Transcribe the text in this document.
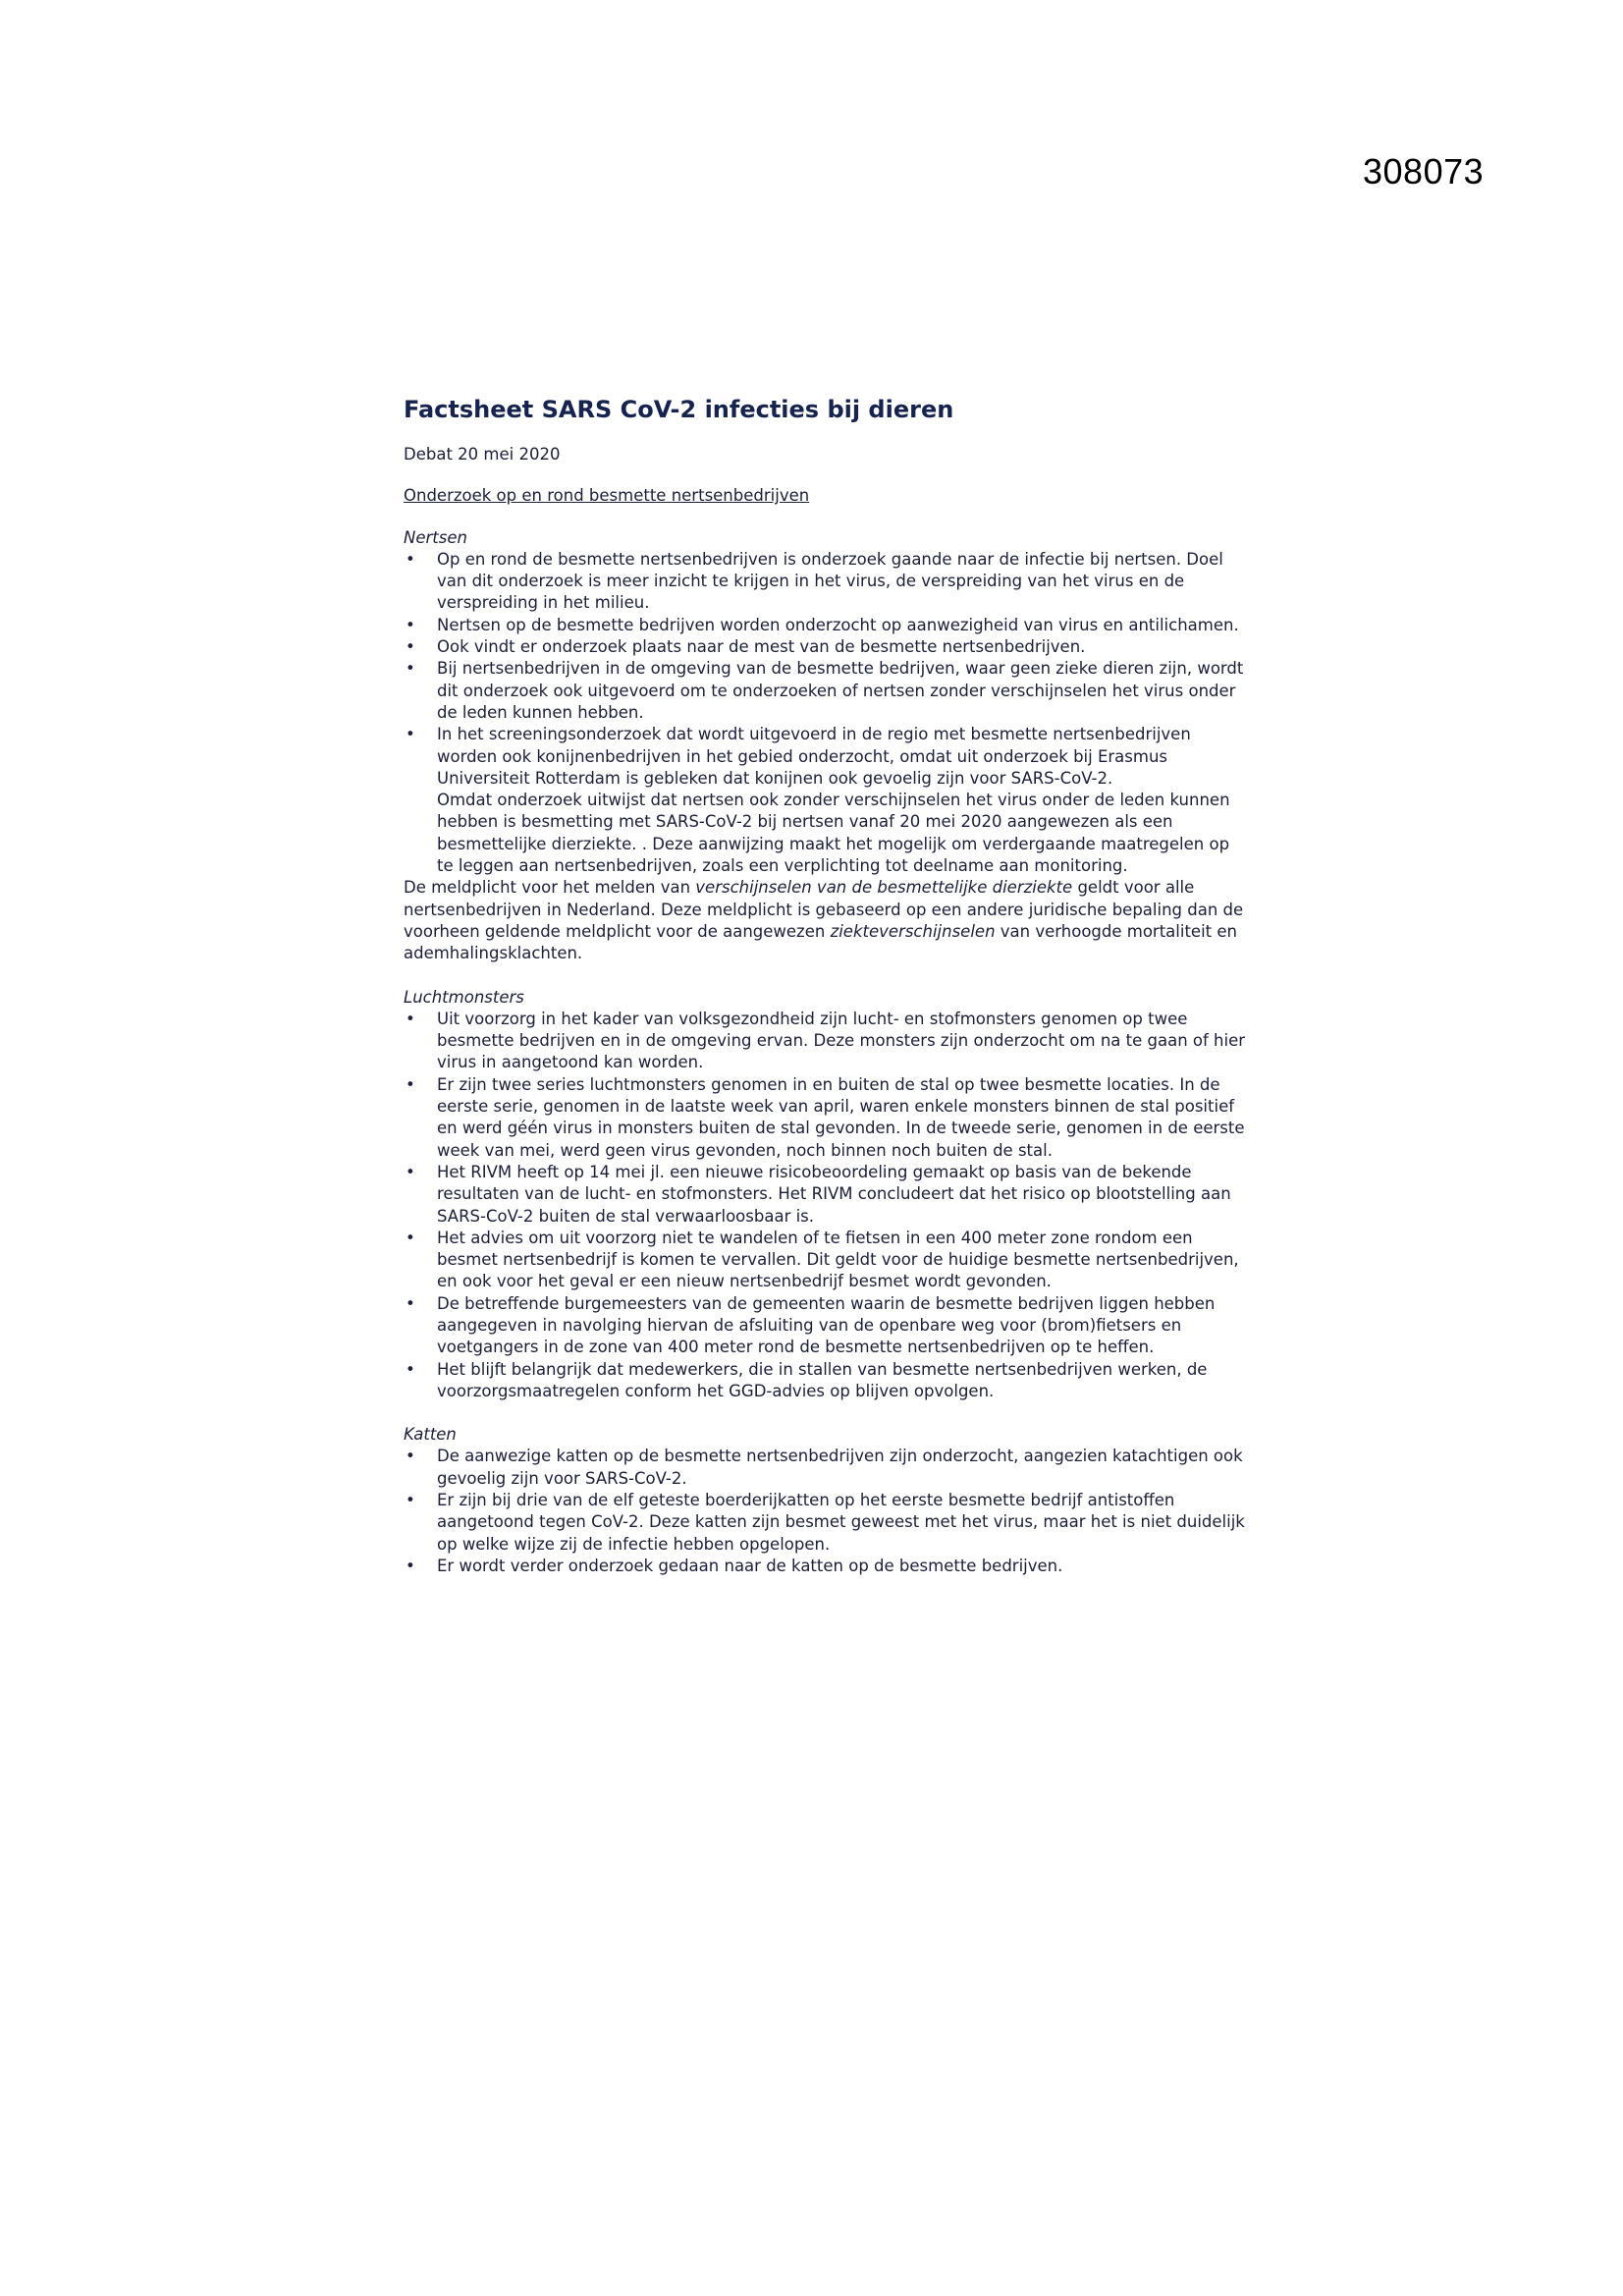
308073
Factsheet SARS CoV-2 infecties bij dieren

Debat 20 mei 2020

Onderzoek op en rond besmette nertsenbedrijven

Nertsen

• Op en rond de besmette nertsenbedrijven is onderzoek gaande naar de infectie bij nertsen. Doel van dit onderzoek is meer inzicht te krijgen in het virus, de verspreiding van het virus en de verspreiding in het milieu.
• Nertsen op de besmette bedrijven worden onderzocht op aanwezigheid van virus en antilichamen.
• Ook vindt er onderzoek plaats naar de mest van de besmette nertsenbedrijven.
• Bij nertsenbedrijven in de omgeving van de besmette bedrijven, waar geen zieke dieren zijn, wordt dit onderzoek ook uitgevoerd om te onderzoeken of nertsen zonder verschijnselen het virus onder de leden kunnen hebben.
• In het screeningsonderzoek dat wordt uitgevoerd in de regio met besmette nertsenbedrijven worden ook konijnenbedrijven in het gebied onderzocht, omdat uit onderzoek bij Erasmus Universiteit Rotterdam is gebleken dat konijnen ook gevoelig zijn voor SARS-CoV-2.
Omdat onderzoek uitwijst dat nertsen ook zonder verschijnselen het virus onder de leden kunnen hebben is besmetting met SARS-CoV-2 bij nertsen vanaf 20 mei 2020 aangewezen als een besmettelijke dierziekte. . Deze aanwijzing maakt het mogelijk om verdergaande maatregelen op te leggen aan nertsenbedrijven, zoals een verplichting tot deelname aan monitoring.

De meldplicht voor het melden van verschijnselen van de besmettelijke dierziekte geldt voor alle nertsenbedrijven in Nederland. Deze meldplicht is gebaseerd op een andere juridische bepaling dan de voorheen geldende meldplicht voor de aangewezen ziekteverschijnselen van verhoogde mortaliteit en ademhalingsklachten.

Luchtmonsters

• Uit voorzorg in het kader van volksgezondheid zijn lucht- en stofmonsters genomen op twee besmette bedrijven en in de omgeving ervan. Deze monsters zijn onderzocht om na te gaan of hier virus in aangetoond kan worden.
• Er zijn twee series luchtmonsters genomen in en buiten de stal op twee besmette locaties. In de eerste serie, genomen in de laatste week van april, waren enkele monsters binnen de stal positief en werd géén virus in monsters buiten de stal gevonden. In de tweede serie, genomen in de eerste week van mei, werd geen virus gevonden, noch binnen noch buiten de stal.
• Het RIVM heeft op 14 mei jl. een nieuwe risicobeoordeling gemaakt op basis van de bekende resultaten van de lucht- en stofmonsters. Het RIVM concludeert dat het risico op blootstelling aan SARS-CoV-2 buiten de stal verwaarloosbaar is.
• Het advies om uit voorzorg niet te wandelen of te fietsen in een 400 meter zone rondom een besmet nertsenbedrijf is komen te vervallen. Dit geldt voor de huidige besmette nertsenbedrijven, en ook voor het geval er een nieuw nertsenbedrijf besmet wordt gevonden.
• De betreffende burgemeesters van de gemeenten waarin de besmette bedrijven liggen hebben aangegeven in navolging hiervan de afsluiting van de openbare weg voor (brom)fietsers en voetgangers in de zone van 400 meter rond de besmette nertsenbedrijven op te heffen.
• Het blijft belangrijk dat medewerkers, die in stallen van besmette nertsenbedrijven werken, de voorzorgsmaatregelen conform het GGD-advies op blijven opvolgen.

Katten

• De aanwezige katten op de besmette nertsenbedrijven zijn onderzocht, aangezien katachtigen ook gevoelig zijn voor SARS-CoV-2.
• Er zijn bij drie van de elf geteste boerderijkatten op het eerste besmette bedrijf antistoffen aangetoond tegen CoV-2. Deze katten zijn besmet geweest met het virus, maar het is niet duidelijk op welke wijze zij de infectie hebben opgelopen.
• Er wordt verder onderzoek gedaan naar de katten op de besmette bedrijven.
